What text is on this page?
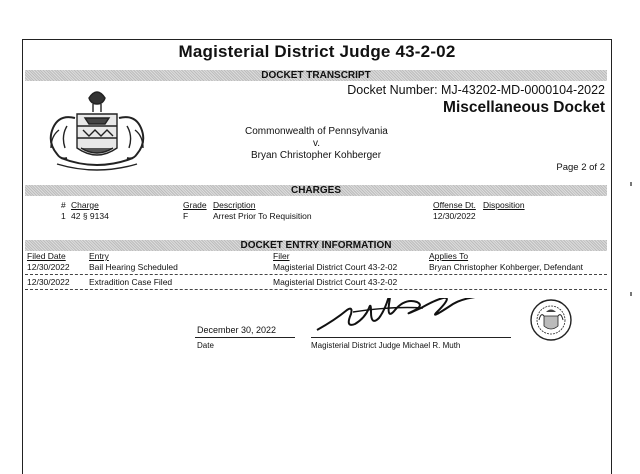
Magisterial District Judge 43-2-02
DOCKET TRANSCRIPT
Docket Number: MJ-43202-MD-0000104-2022
Miscellaneous Docket
Commonwealth of Pennsylvania
v.
Bryan Christopher Kohberger
Page 2 of 2
CHARGES
# Charge	Grade Description	Offense Dt. Disposition
1 42 § 9134	F	Arrest Prior To Requisition	12/30/2022
DOCKET ENTRY INFORMATION
Filed Date	Entry	Filer	Applies To
12/30/2022 Bail Hearing Scheduled	Magisterial District Court 43-2-02	Bryan Christopher Kohberger, Defendant
12/30/2022 Extradition Case Filed	Magisterial District Court 43-2-02
December 30, 2022
Date	Magisterial District Judge Michael R. Muth
